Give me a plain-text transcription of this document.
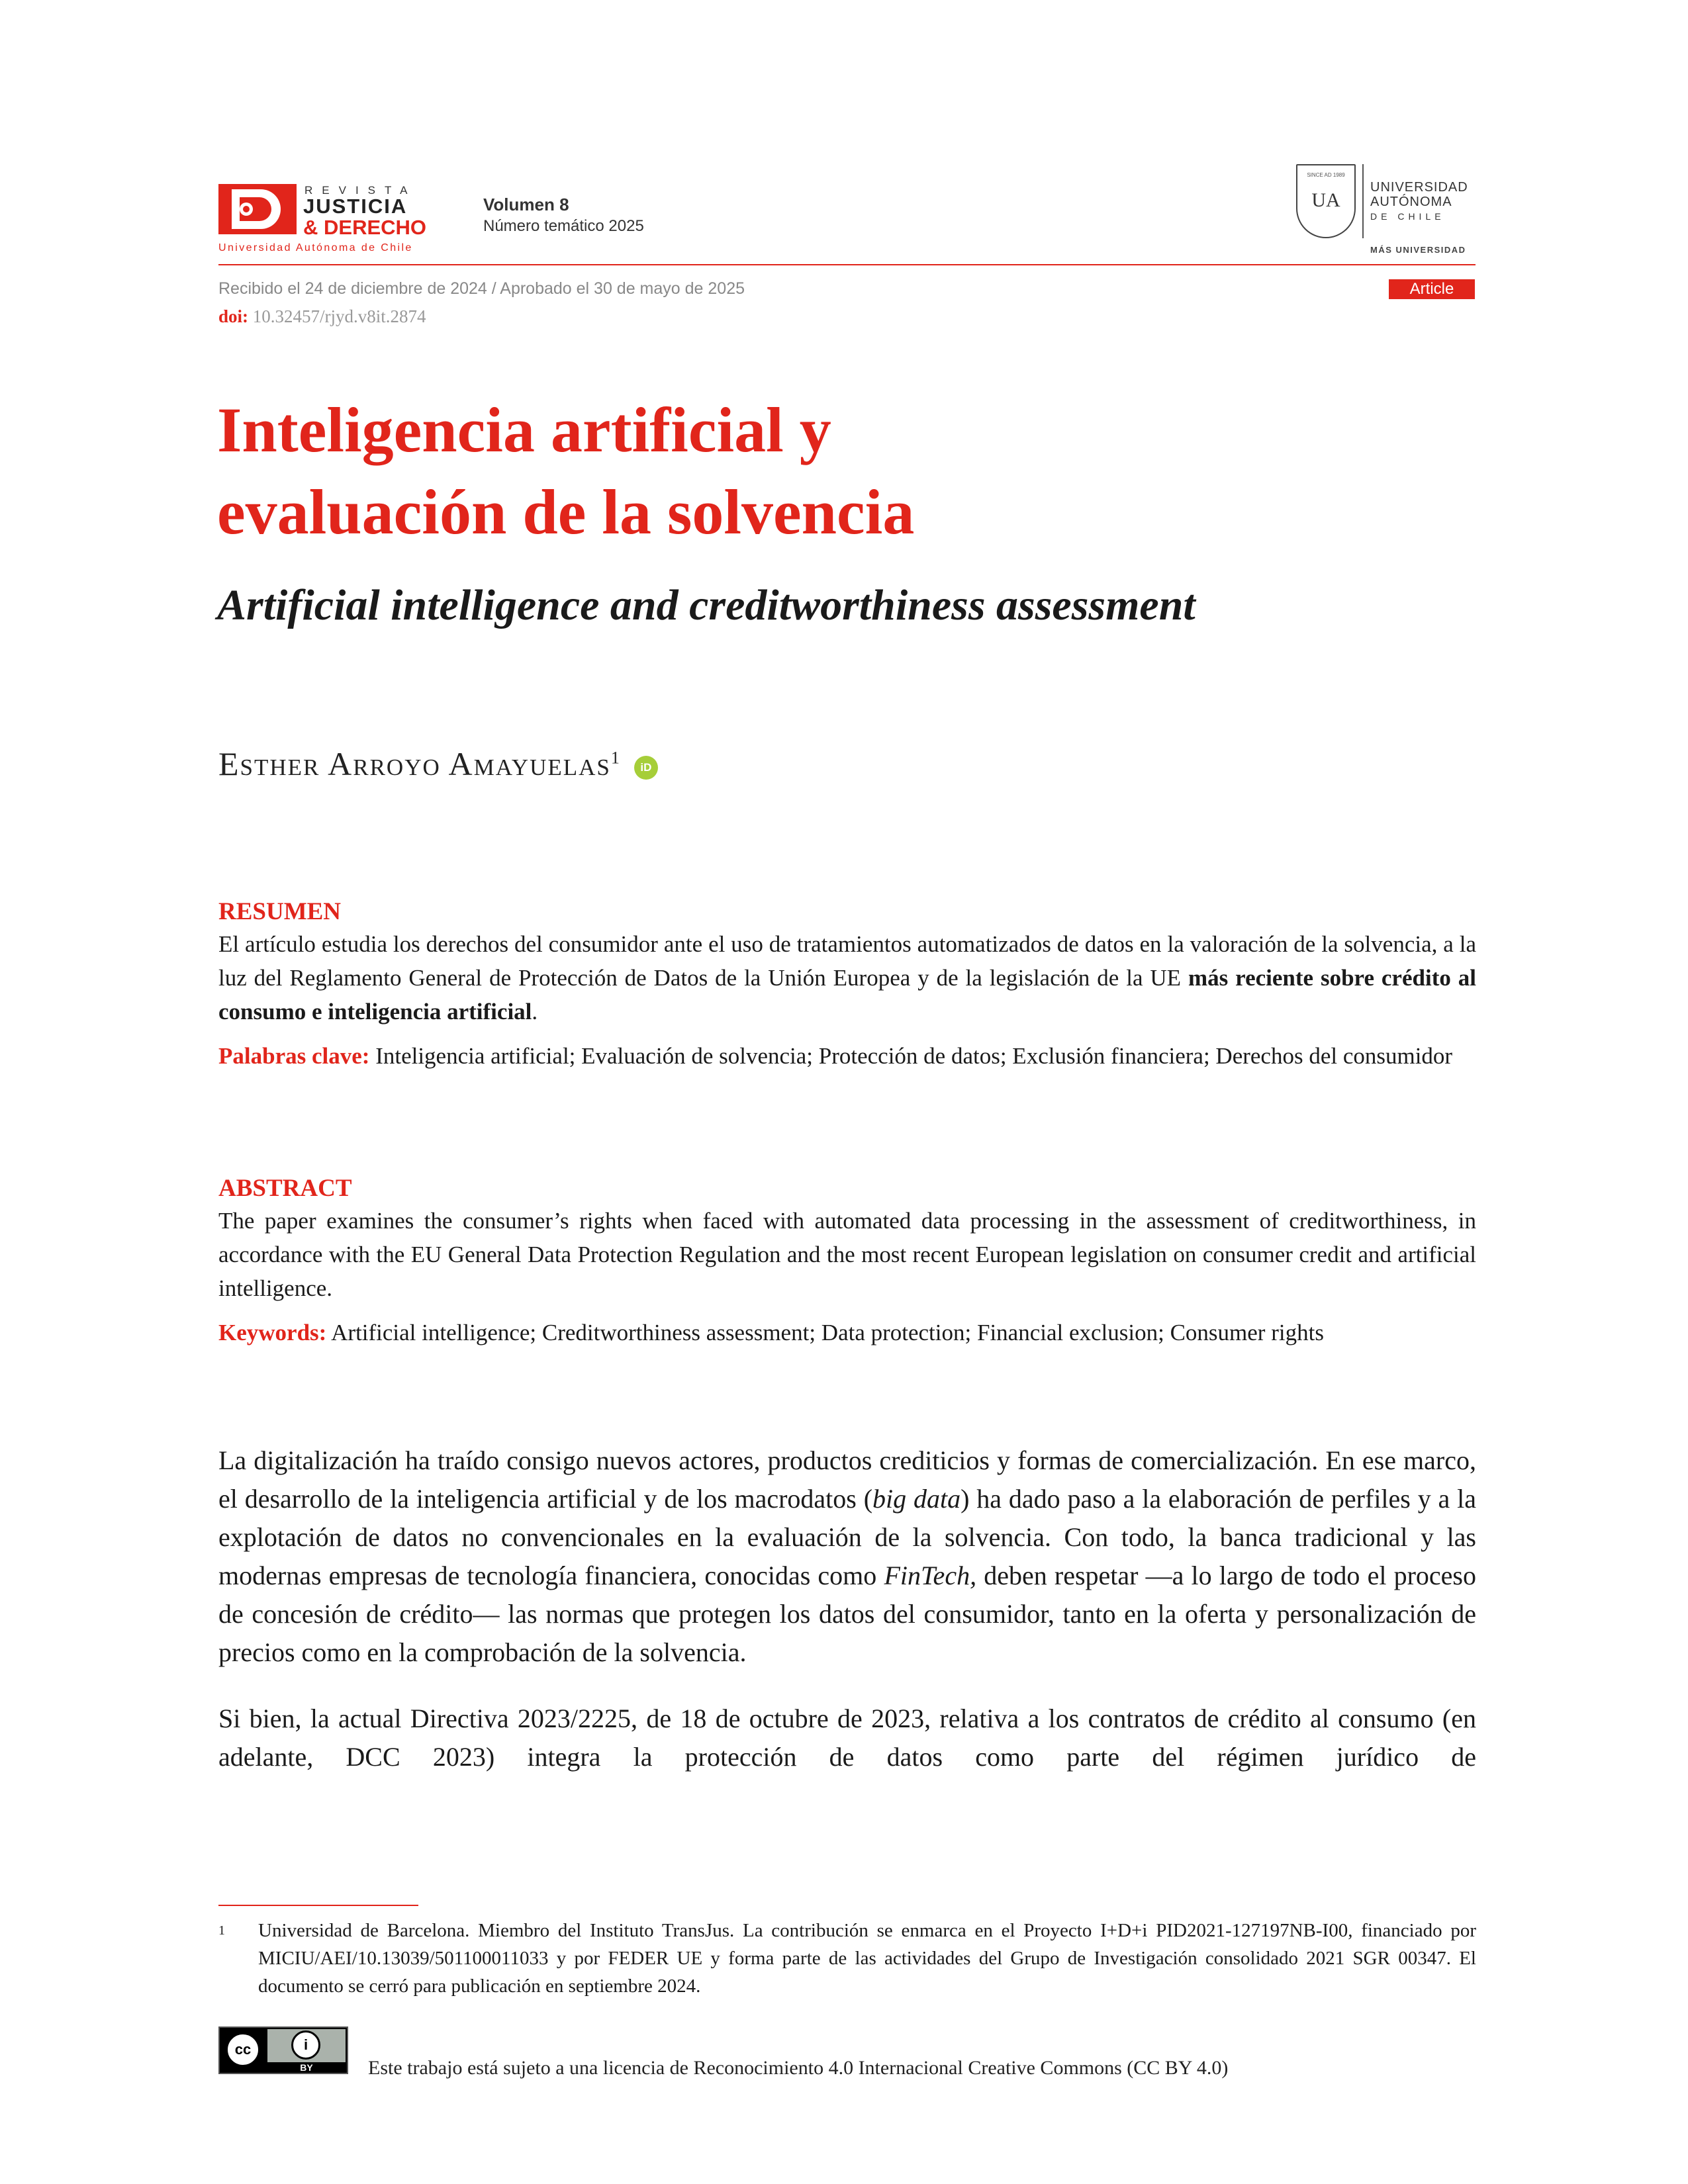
REVISTA
JUSTICIA
& DERECHO
Universidad Autónoma de Chile
Volumen 8
Número temático 2025
SINCE AD 1989
UA
UNIVERSIDAD
AUTÓNOMA
DE CHILE
MÁS UNIVERSIDAD
Recibido el 24 de diciembre de 2024 / Aprobado el 30 de mayo de 2025	Article
doi: 10.32457/rjyd.v8it.2874
Inteligencia artificial y
evaluación de la solvencia
Artificial intelligence and creditworthiness assessment
Esther Arroyo Amayuelas$^1$ iD
RESUMEN
El artículo estudia los derechos del consumidor ante el uso de tratamientos automatizados de datos en la valoración de la solvencia, a la luz del Reglamento General de Protección de Datos de la Unión Europea y de la legislación de la UE más reciente sobre crédito al consumo e inteligencia artificial.
Palabras clave: Inteligencia artificial; Evaluación de solvencia; Protección de datos; Exclusión financiera; Derechos del consumidor
ABSTRACT
The paper examines the consumer’s rights when faced with automated data processing in the assessment of creditworthiness, in accordance with the EU General Data Protection Regulation and the most recent European legislation on consumer credit and artificial intelligence.
Keywords: Artificial intelligence; Creditworthiness assessment; Data protection; Financial exclusion; Consumer rights

La digitalización ha traído consigo nuevos actores, productos crediticios y formas de comercialización. En ese marco, el desarrollo de la inteligencia artificial y de los macrodatos (big data) ha dado paso a la elaboración de perfiles y a la explotación de datos no convencionales en la evaluación de la solvencia. Con todo, la banca tradicional y las modernas empresas de tecnología financiera, conocidas como FinTech, deben respetar —a lo largo de todo el proceso de concesión de crédito— las normas que protegen los datos del consumidor, tanto en la oferta y personalización de precios como en la comprobación de la solvencia.

Si bien, la actual Directiva 2023/2225, de 18 de octubre de 2023, relativa a los contratos de crédito al consumo (en adelante, DCC 2023) integra la protección de datos como parte del régimen jurídico de

1 Universidad de Barcelona. Miembro del Instituto TransJus. La contribución se enmarca en el Proyecto I+D+i PID2021-127197NB-I00, financiado por MICIU/AEI/10.13039/501100011033 y por FEDER UE y forma parte de las actividades del Grupo de Investigación consolidado 2021 SGR 00347. El documento se cerró para publicación en septiembre 2024.
cc	i
BY	Este trabajo está sujeto a una licencia de Reconocimiento 4.0 Internacional Creative Commons (CC BY 4.0)
